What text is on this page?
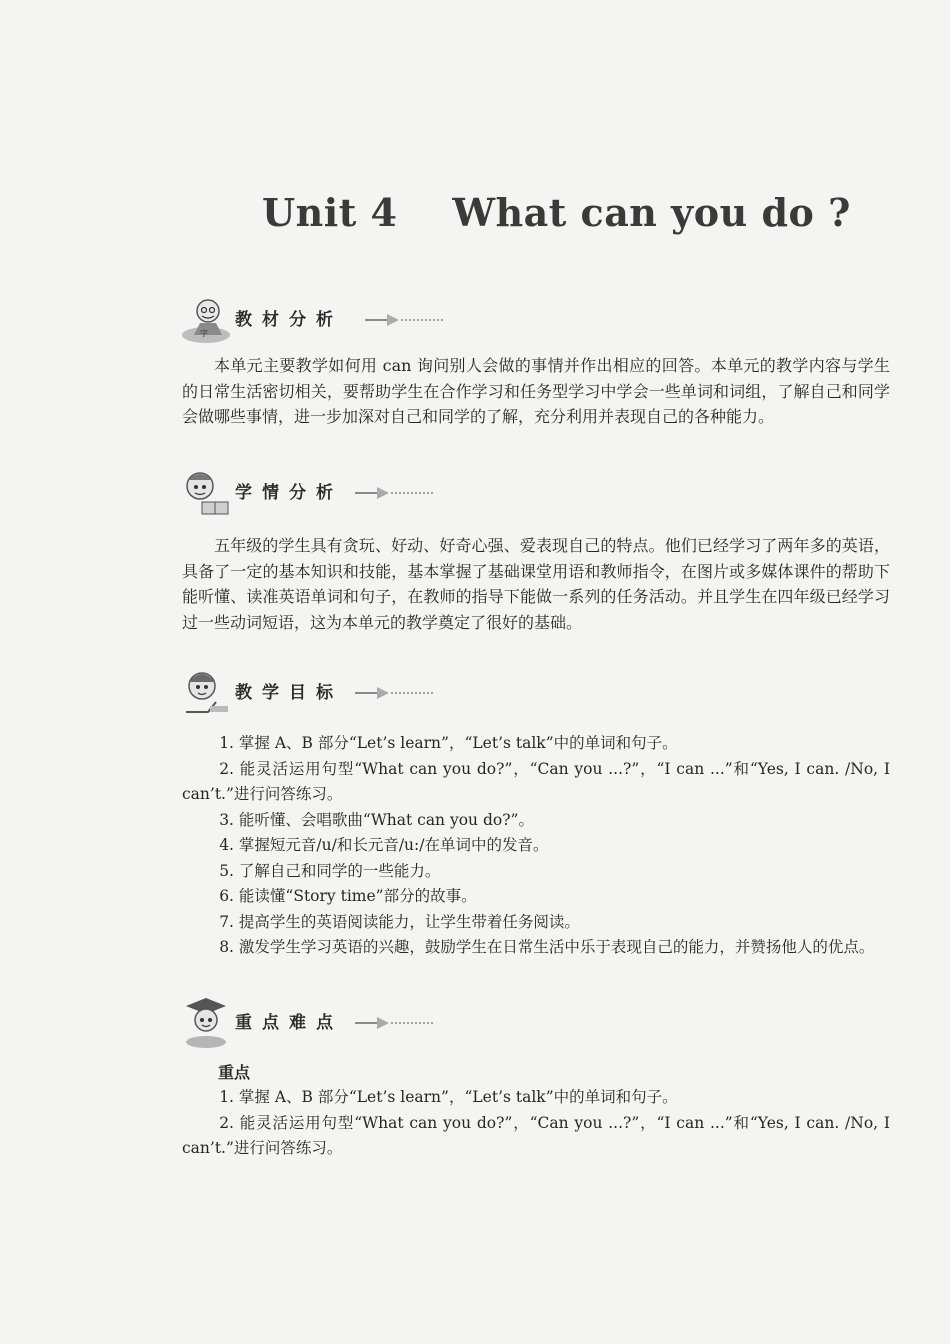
Unit 4    What can you do ?
字
教材分析

本单元主要教学如何用 can 询问别人会做的事情并作出相应的回答。本单元的教学内容与学生的日常生活密切相关，要帮助学生在合作学习和任务型学习中学会一些单词和词组，了解自己和同学会做哪些事情，进一步加深对自己和同学的了解，充分利用并表现自己的各种能力。

学情分析

五年级的学生具有贪玩、好动、好奇心强、爱表现自己的特点。他们已经学习了两年多的英语，具备了一定的基本知识和技能，基本掌握了基础课堂用语和教师指令，在图片或多媒体课件的帮助下能听懂、读准英语单词和句子，在教师的指导下能做一系列的任务活动。并且学生在四年级已经学习过一些动词短语，这为本单元的教学奠定了很好的基础。

教学目标
1. 掌握 A、B 部分“Let’s learn”，“Let’s talk”中的单词和句子。
2. 能灵活运用句型“What can you do?”，“Can you ...?”，“I can ...”和“Yes, I can. /No, I can’t.”进行问答练习。
3. 能听懂、会唱歌曲“What can you do?”。
4. 掌握短元音/u/和长元音/u:/在单词中的发音。
5. 了解自己和同学的一些能力。
6. 能读懂“Story time”部分的故事。
7. 提高学生的英语阅读能力，让学生带着任务阅读。
8. 激发学生学习英语的兴趣，鼓励学生在日常生活中乐于表现自己的能力，并赞扬他人的优点。
重点难点

重点

1. 掌握 A、B 部分“Let’s learn”，“Let’s talk”中的单词和句子。
2. 能灵活运用句型“What can you do?”，“Can you ...?”，“I can ...”和“Yes, I can. /No, I can’t.”进行问答练习。
